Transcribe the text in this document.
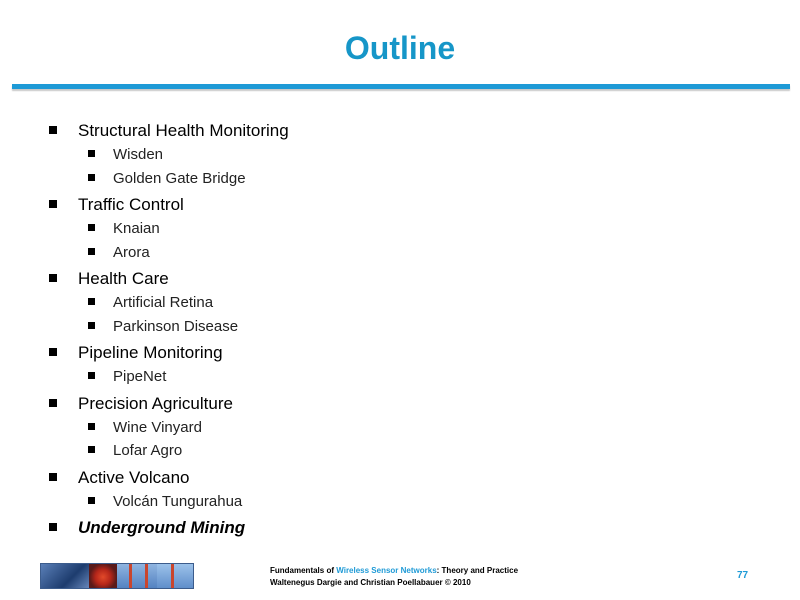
Outline
Structural Health Monitoring
Wisden
Golden Gate Bridge
Traffic Control
Knaian
Arora
Health Care
Artificial Retina
Parkinson Disease
Pipeline Monitoring
PipeNet
Precision Agriculture
Wine Vinyard
Lofar Agro
Active Volcano
Volcán Tungurahua
Underground Mining
Fundamentals of Wireless Sensor Networks: Theory and Practice
Waltenegus Dargie and Christian Poellabauer © 2010
77
